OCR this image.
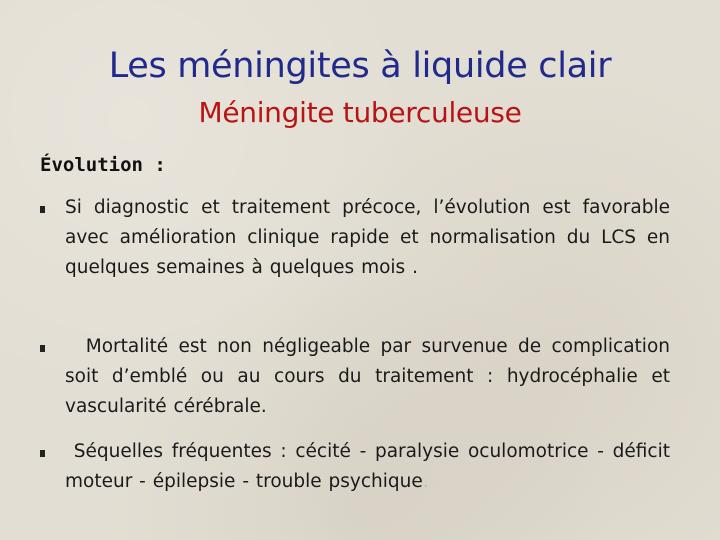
Les méningites à liquide clair
Méningite tuberculeuse
Évolution :
Si diagnostic et traitement précoce, l’évolution est favorable avec amélioration clinique rapide et normalisation du LCS en quelques semaines à quelques mois .
Mortalité est non négligeable par survenue de complication soit d’emblé ou au cours du traitement : hydrocéphalie et vascularité cérébrale.
Séquelles fréquentes : cécité - paralysie oculomotrice - déficit moteur - épilepsie - trouble psychique.
